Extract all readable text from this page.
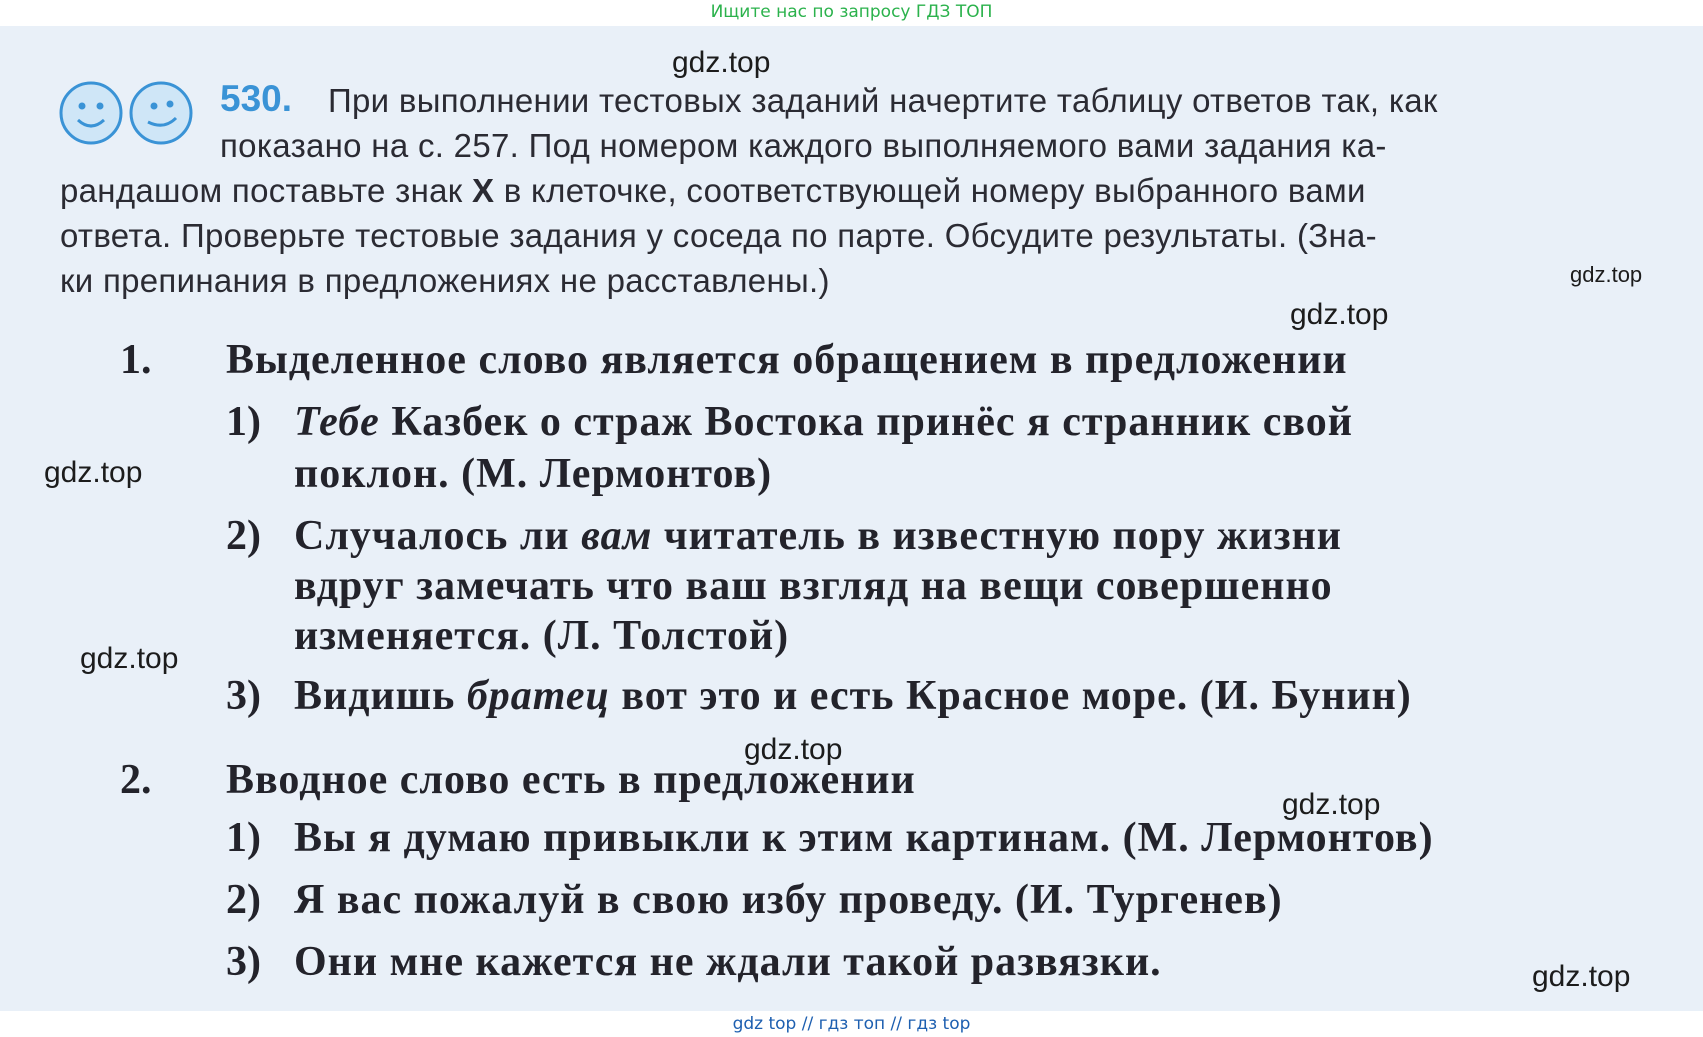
Ищите нас по запросу ГДЗ ТОП

530. При выполнении тестовых заданий начертите таблицу ответов так, как
показано на с. 257. Под номером каждого выполняемого вами задания ка-
рандашом поставьте знак X в клеточке, соответствующей номеру выбранного вами
ответа. Проверьте тестовые задания у соседа по парте. Обсудите результаты. (Зна-
ки препинания в предложениях не расставлены.)
1. Выделенное слово является обращением в предложении
1) Тебе Казбек о страж Востока принёс я странник свой
поклон. (М. Лермонтов)
2) Случалось ли вам читатель в известную пору жизни
вдруг замечать что ваш взгляд на вещи совершенно
изменяется. (Л. Толстой)
3) Видишь братец вот это и есть Красное море. (И. Бунин)
2. Вводное слово есть в предложении
1) Вы я думаю привыкли к этим картинам. (М. Лермонтов)
2) Я вас пожалуй в свою избу проведу. (И. Тургенев)
3) Они мне кажется не ждали такой развязки.
gdz.top
gdz.top
gdz.top
gdz.top
gdz.top
gdz.top
gdz.top
gdz.top
gdz top // гдз топ // гдз top
